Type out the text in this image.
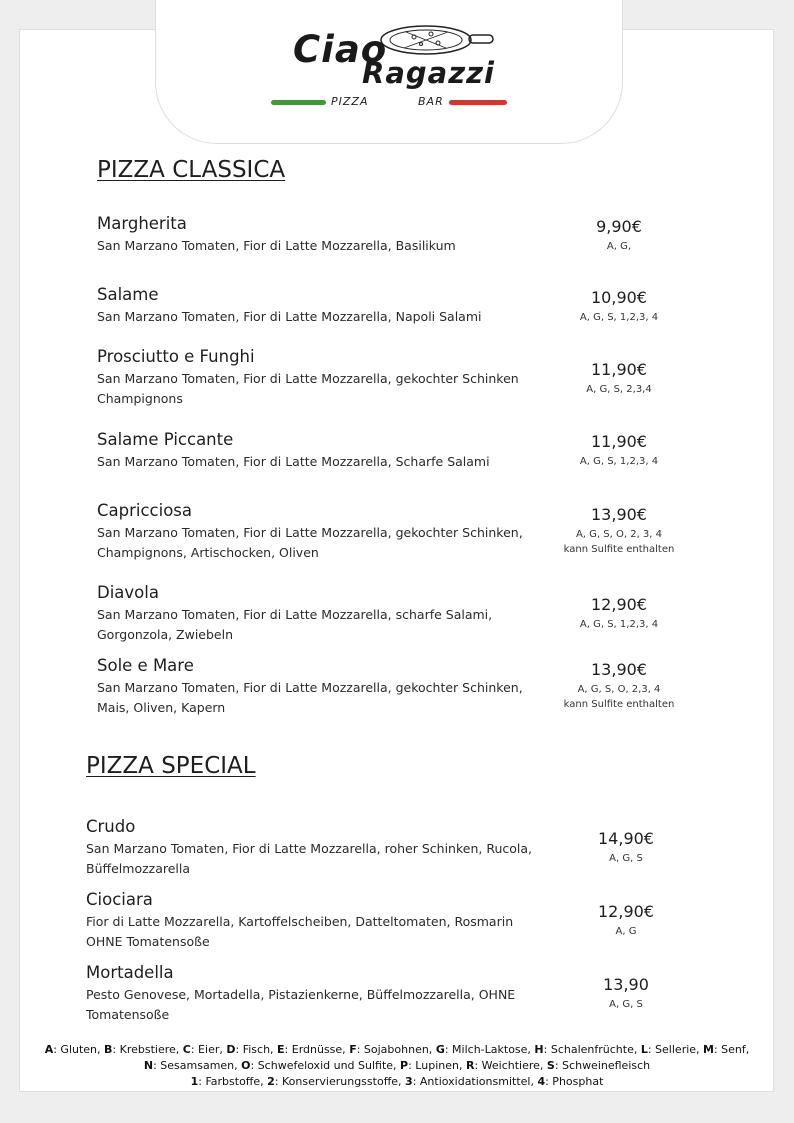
Ciao
Ragazzi
PIZZA	BAR
PIZZA CLASSICA
Margherita
San Marzano Tomaten, Fior di Latte Mozzarella, Basilikum
9,90€
A, G,
Salame
San Marzano Tomaten, Fior di Latte Mozzarella, Napoli Salami
10,90€
A, G, S, 1,2,3, 4
Prosciutto e Funghi
San Marzano Tomaten, Fior di Latte Mozzarella, gekochter Schinken Champignons
11,90€
A, G, S, 2,3,4
Salame Piccante
San Marzano Tomaten, Fior di Latte Mozzarella, Scharfe Salami
11,90€
A, G, S, 1,2,3, 4
Capricciosa
San Marzano Tomaten, Fior di Latte Mozzarella, gekochter Schinken, Champignons, Artischocken, Oliven
13,90€
A, G, S, O, 2, 3, 4
kann Sulfite enthalten
Diavola
San Marzano Tomaten, Fior di Latte Mozzarella, scharfe Salami, Gorgonzola, Zwiebeln
12,90€
A, G, S, 1,2,3, 4
Sole e Mare
San Marzano Tomaten, Fior di Latte Mozzarella, gekochter Schinken, Mais, Oliven, Kapern
13,90€
A, G, S, O, 2,3, 4
kann Sulfite enthalten
PIZZA SPECIAL
Crudo
San Marzano Tomaten, Fior di Latte Mozzarella, roher Schinken, Rucola, Büffelmozzarella
14,90€
A, G, S
Ciociara
Fior di Latte Mozzarella, Kartoffelscheiben, Datteltomaten, Rosmarin OHNE Tomatensoße
12,90€
A, G
Mortadella
Pesto Genovese, Mortadella, Pistazienkerne, Büffelmozzarella, OHNE Tomatensoße
13,90
A, G, S
A: Gluten, B: Krebstiere, C: Eier, D: Fisch, E: Erdnüsse, F: Sojabohnen, G: Milch-Laktose, H: Schalenfrüchte, L: Sellerie, M: Senf,
N: Sesamsamen, O: Schwefeloxid und Sulfite, P: Lupinen, R: Weichtiere, S: Schweinefleisch
1: Farbstoffe, 2: Konservierungsstoffe, 3: Antioxidationsmittel, 4: Phosphat
